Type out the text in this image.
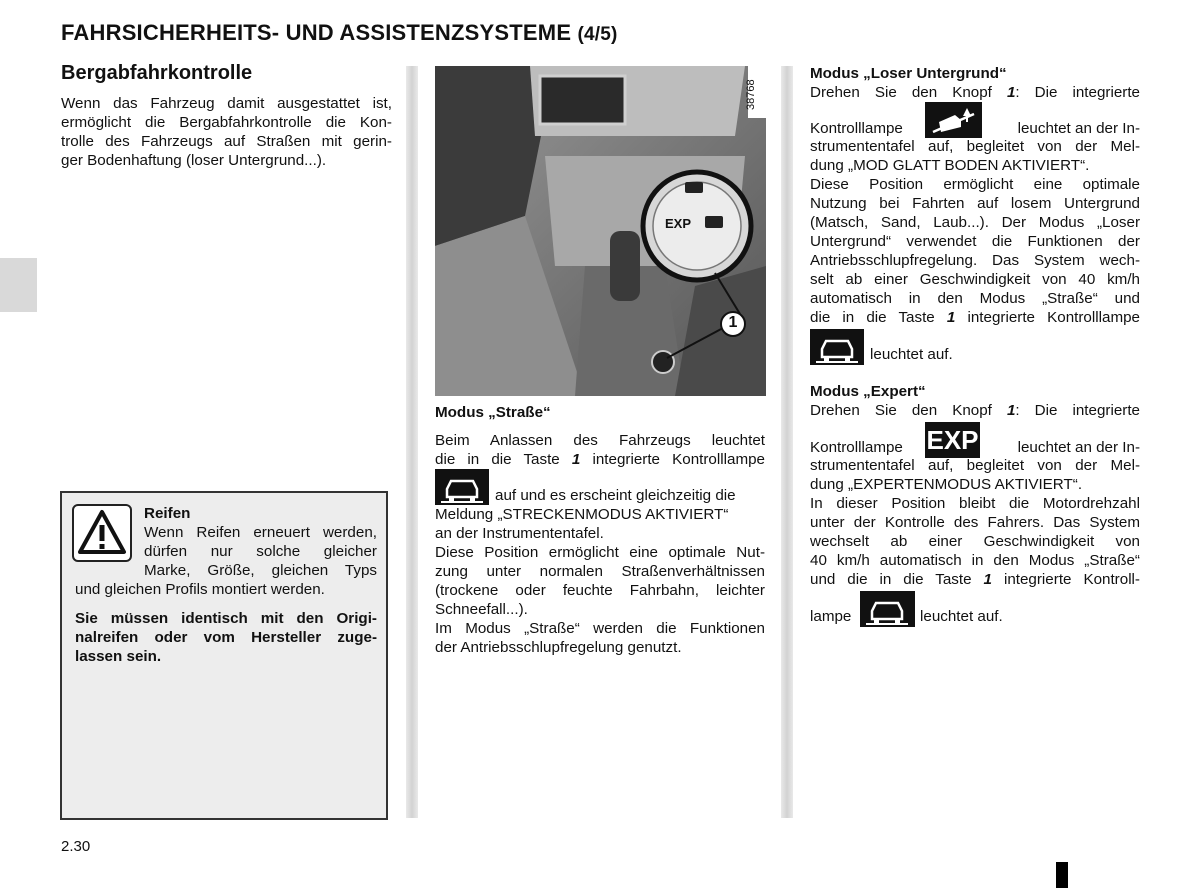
FAHRSICHERHEITS- UND ASSISTENZSYSTEME (4/5)
Bergabfahrkontrolle
Wenn das Fahrzeug damit ausgestattet ist,
ermöglicht die Bergabfahrkontrolle die Kon-
trolle des Fahrzeugs auf Straßen mit gerin-
ger Bodenhaftung (loser Untergrund...).
Reifen
Wenn Reifen erneuert werden,
dürfen nur solche gleicher
Marke, Größe, gleichen Typs
und gleichen Profils montiert werden.
Sie müssen identisch mit den Origi-
nalreifen oder vom Hersteller zuge-
lassen sein.
EXP
1
38768
Modus „Straße“
Beim Anlassen des Fahrzeugs leuchtet
die in die Taste 1 integrierte Kontrolllampe
auf und es erscheint gleichzeitig die
Meldung „STRECKENMODUS AKTIVIERT“
an der Instrumententafel.
Diese Position ermöglicht eine optimale Nut-
zung unter normalen Straßenverhältnissen
(trockene oder feuchte Fahrbahn, leichter
Schneefall...).
Im Modus „Straße“ werden die Funktionen
der Antriebsschlupfregelung genutzt.
Modus „Loser Untergrund“
Drehen Sie den Knopf 1: Die integrierte
Kontrolllampe	leuchtet an der In-
strumententafel auf, begleitet von der Mel-
dung „MOD GLATT BODEN AKTIVIERT“.
Diese Position ermöglicht eine optimale
Nutzung bei Fahrten auf losem Untergrund
(Matsch, Sand, Laub...). Der Modus „Loser
Untergrund“ verwendet die Funktionen der
Antriebsschlupfregelung. Das System wech-
selt ab einer Geschwindigkeit von 40 km/h
automatisch in den Modus „Straße“ und
die in die Taste 1 integrierte Kontrolllampe
leuchtet auf.
Modus „Expert“
Drehen Sie den Knopf 1: Die integrierte
Kontrolllampe EXP	leuchtet an der In-
strumententafel auf, begleitet von der Mel-
dung „EXPERTENMODUS AKTIVIERT“.
In dieser Position bleibt die Motordrehzahl
unter der Kontrolle des Fahrers. Das System
wechselt ab einer Geschwindigkeit von
40 km/h automatisch in den Modus „Straße“
und die in die Taste 1 integrierte Kontroll-
lampe	leuchtet auf.
2.30
